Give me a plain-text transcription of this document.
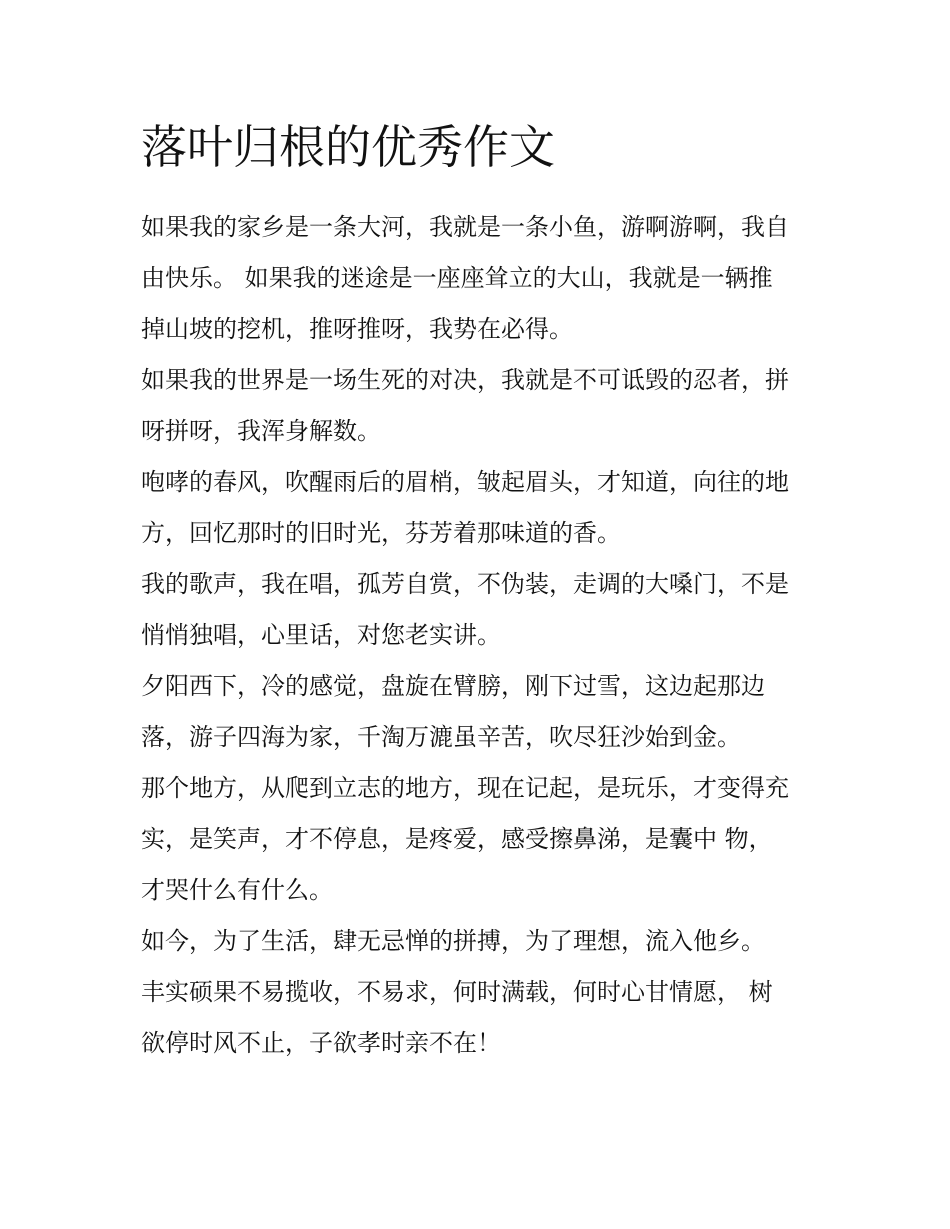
落叶归根的优秀作文

如果我的家乡是一条大河，我就是一条小鱼，游啊游啊，我自
由快乐。 如果我的迷途是一座座耸立的大山，我就是一辆推
掉山坡的挖机，推呀推呀，我势在必得。

如果我的世界是一场生死的对决，我就是不可诋毁的忍者，拼
呀拼呀，我浑身解数。

咆哮的春风，吹醒雨后的眉梢，皱起眉头，才知道，向往的地
方，回忆那时的旧时光，芬芳着那味道的香。

我的歌声，我在唱，孤芳自赏，不伪装，走调的大嗓门，不是
悄悄独唱，心里话，对您老实讲。

夕阳西下，冷的感觉，盘旋在臂膀，刚下过雪，这边起那边
落，游子四海为家，千淘万漉虽辛苦，吹尽狂沙始到金。

那个地方，从爬到立志的地方，现在记起，是玩乐，才变得充
实，是笑声，才不停息，是疼爱，感受擦鼻涕，是囊中 物，
才哭什么有什么。

如今，为了生活，肆无忌惮的拼搏，为了理想，流入他乡。

丰实硕果不易揽收，不易求，何时满载，何时心甘情愿， 树
欲停时风不止，子欲孝时亲不在！
